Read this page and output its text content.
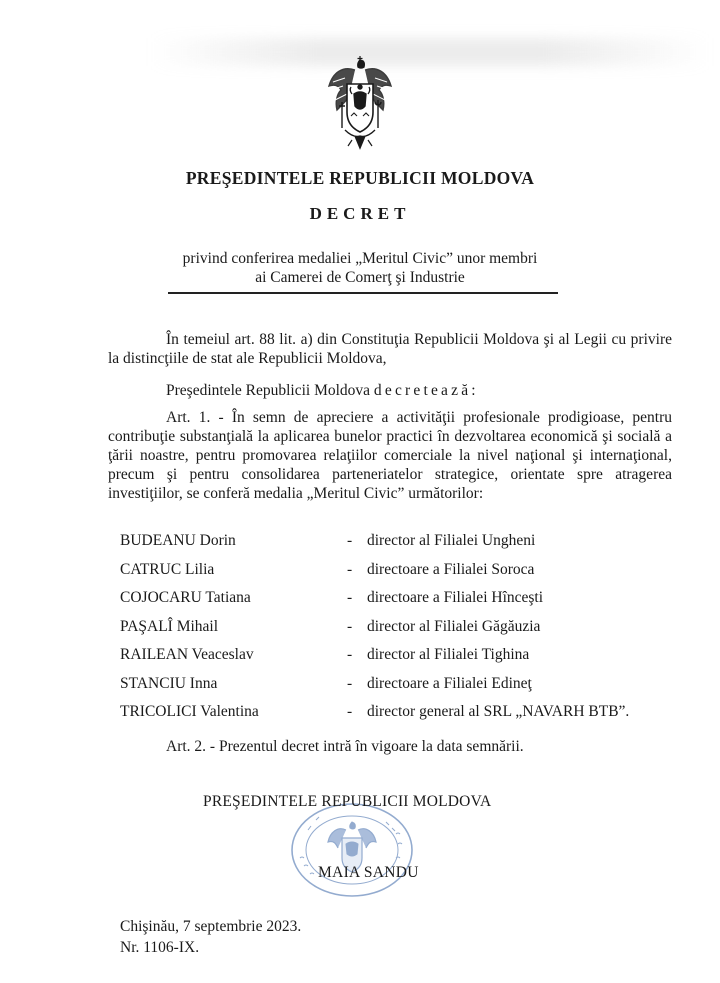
PREŞEDINTELE REPUBLICII MOLDOVA
DECRET
privind conferirea medaliei „Meritul Civic” unor membri
ai Camerei de Comerţ şi Industrie
În temeiul art. 88 lit. a) din Constituţia Republicii Moldova şi al Legii cu privire la distincţiile de stat ale Republicii Moldova,
Preşedintele Republicii Moldova decretează:
Art. 1. - În semn de apreciere a activităţii profesionale prodigioase, pentru contribuţie substanţială la aplicarea bunelor practici în dezvoltarea economică şi socială a ţării noastre, pentru promovarea relaţiilor comerciale la nivel naţional şi internaţional, precum şi pentru consolidarea parteneriatelor strategice, orientate spre atragerea investiţiilor, se conferă medalia „Meritul Civic” următorilor:
BUDEANU Dorin	- director al Filialei Ungheni
CATRUC Lilia	- directoare a Filialei Soroca
COJOCARU Tatiana	- directoare a Filialei Hînceşti
PAŞALÎ Mihail	- director al Filialei Găgăuzia
RAILEAN Veaceslav	- director al Filialei Tighina
STANCIU Inna	- directoare a Filialei Edineţ
TRICOLICI Valentina	- director general al SRL „NAVARH BTB”.
Art. 2. - Prezentul decret intră în vigoare la data semnării.
PREŞEDINTELE REPUBLICII MOLDOVA
MAIA SANDU
Chişinău, 7 septembrie 2023.
Nr. 1106-IX.
